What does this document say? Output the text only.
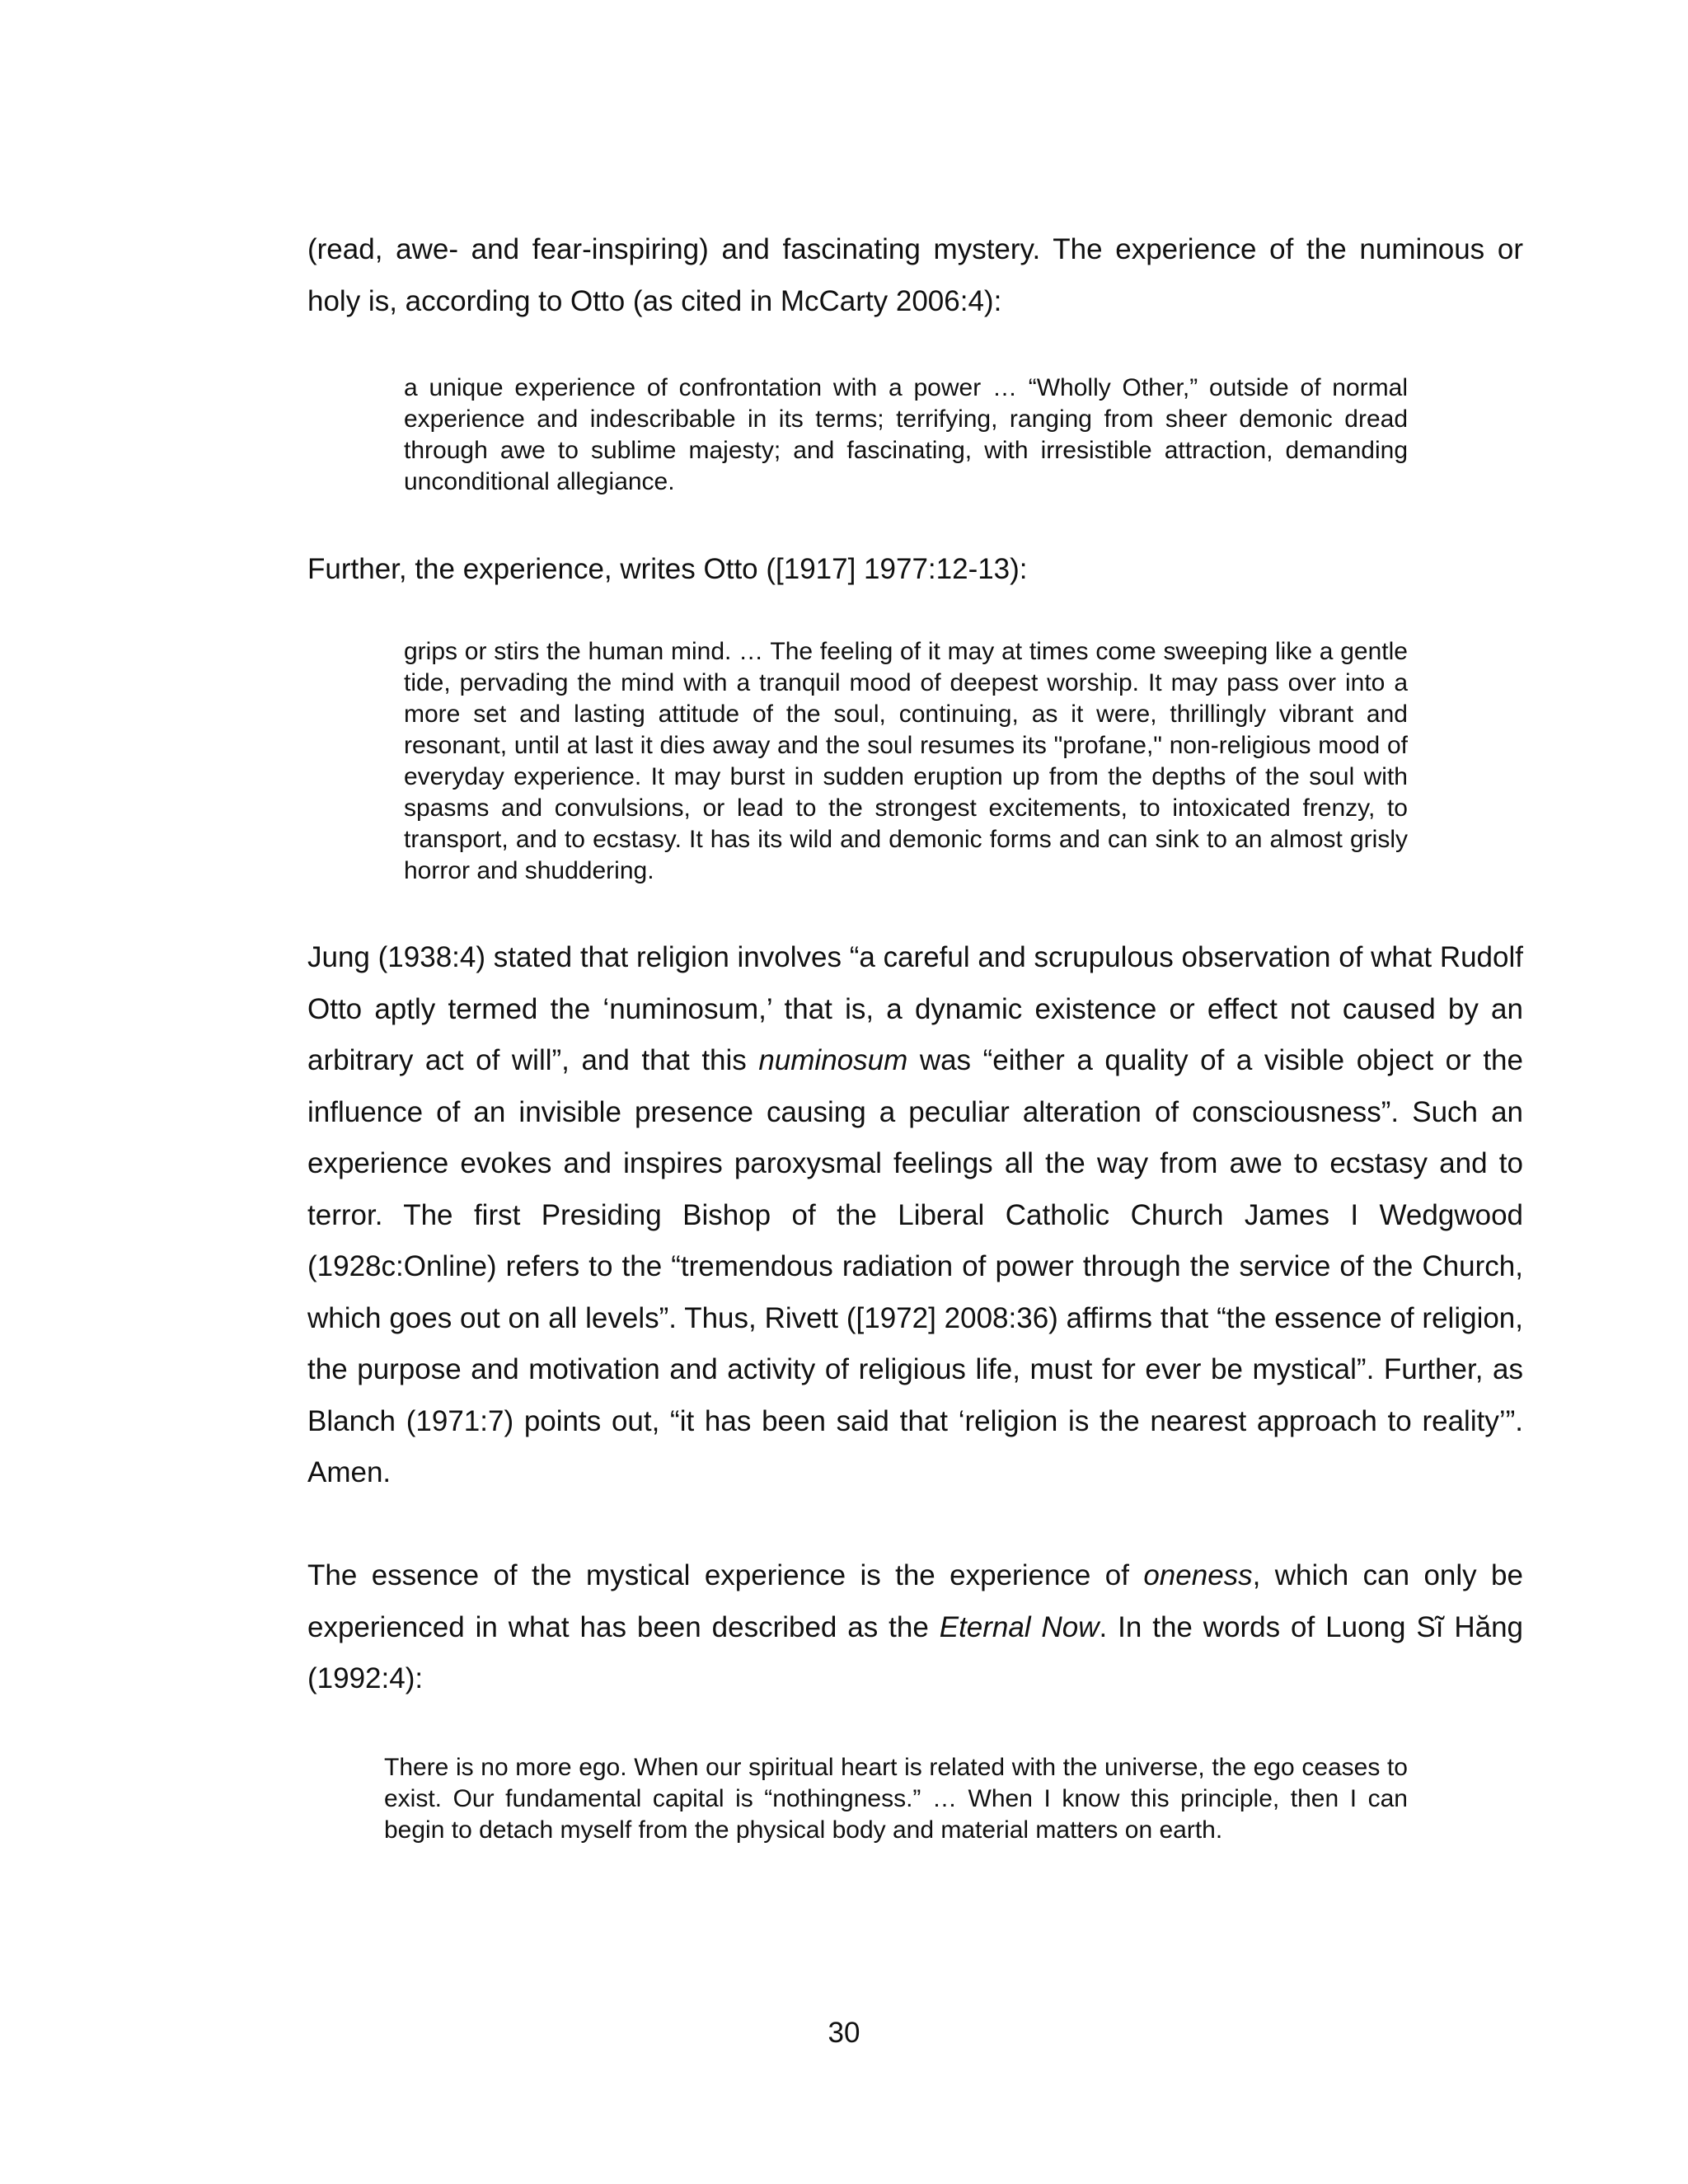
(read, awe- and fear-inspiring) and fascinating mystery. The experience of the numinous or holy is, according to Otto (as cited in McCarty 2006:4):

a unique experience of confrontation with a power … “Wholly Other,” outside of normal experience and indescribable in its terms; terrifying, ranging from sheer demonic dread through awe to sublime majesty; and fascinating, with irresistible attraction, demanding unconditional allegiance.

Further, the experience, writes Otto ([1917] 1977:12-13):

grips or stirs the human mind. … The feeling of it may at times come sweeping like a gentle tide, pervading the mind with a tranquil mood of deepest worship. It may pass over into a more set and lasting attitude of the soul, continuing, as it were, thrillingly vibrant and resonant, until at last it dies away and the soul resumes its "profane," non-religious mood of everyday experience. It may burst in sudden eruption up from the depths of the soul with spasms and convulsions, or lead to the strongest excitements, to intoxicated frenzy, to transport, and to ecstasy. It has its wild and demonic forms and can sink to an almost grisly horror and shuddering.

Jung (1938:4) stated that religion involves “a careful and scrupulous observation of what Rudolf Otto aptly termed the ‘numinosum,’ that is, a dynamic existence or effect not caused by an arbitrary act of will”, and that this numinosum was “either a quality of a visible object or the influence of an invisible presence causing a peculiar alteration of consciousness”. Such an experience evokes and inspires paroxysmal feelings all the way from awe to ecstasy and to terror. The first Presiding Bishop of the Liberal Catholic Church James I Wedgwood (1928c:Online) refers to the “tremendous radiation of power through the service of the Church, which goes out on all levels”. Thus, Rivett ([1972] 2008:36) affirms that “the essence of religion, the purpose and motivation and activity of religious life, must for ever be mystical”. Further, as Blanch (1971:7) points out, “it has been said that ‘religion is the nearest approach to reality’”. Amen.

The essence of the mystical experience is the experience of oneness, which can only be experienced in what has been described as the Eternal Now. In the words of Luong Sĩ Hăng (1992:4):

There is no more ego. When our spiritual heart is related with the universe, the ego ceases to exist. Our fundamental capital is “nothingness.” … When I know this principle, then I can begin to detach myself from the physical body and material matters on earth.

30
